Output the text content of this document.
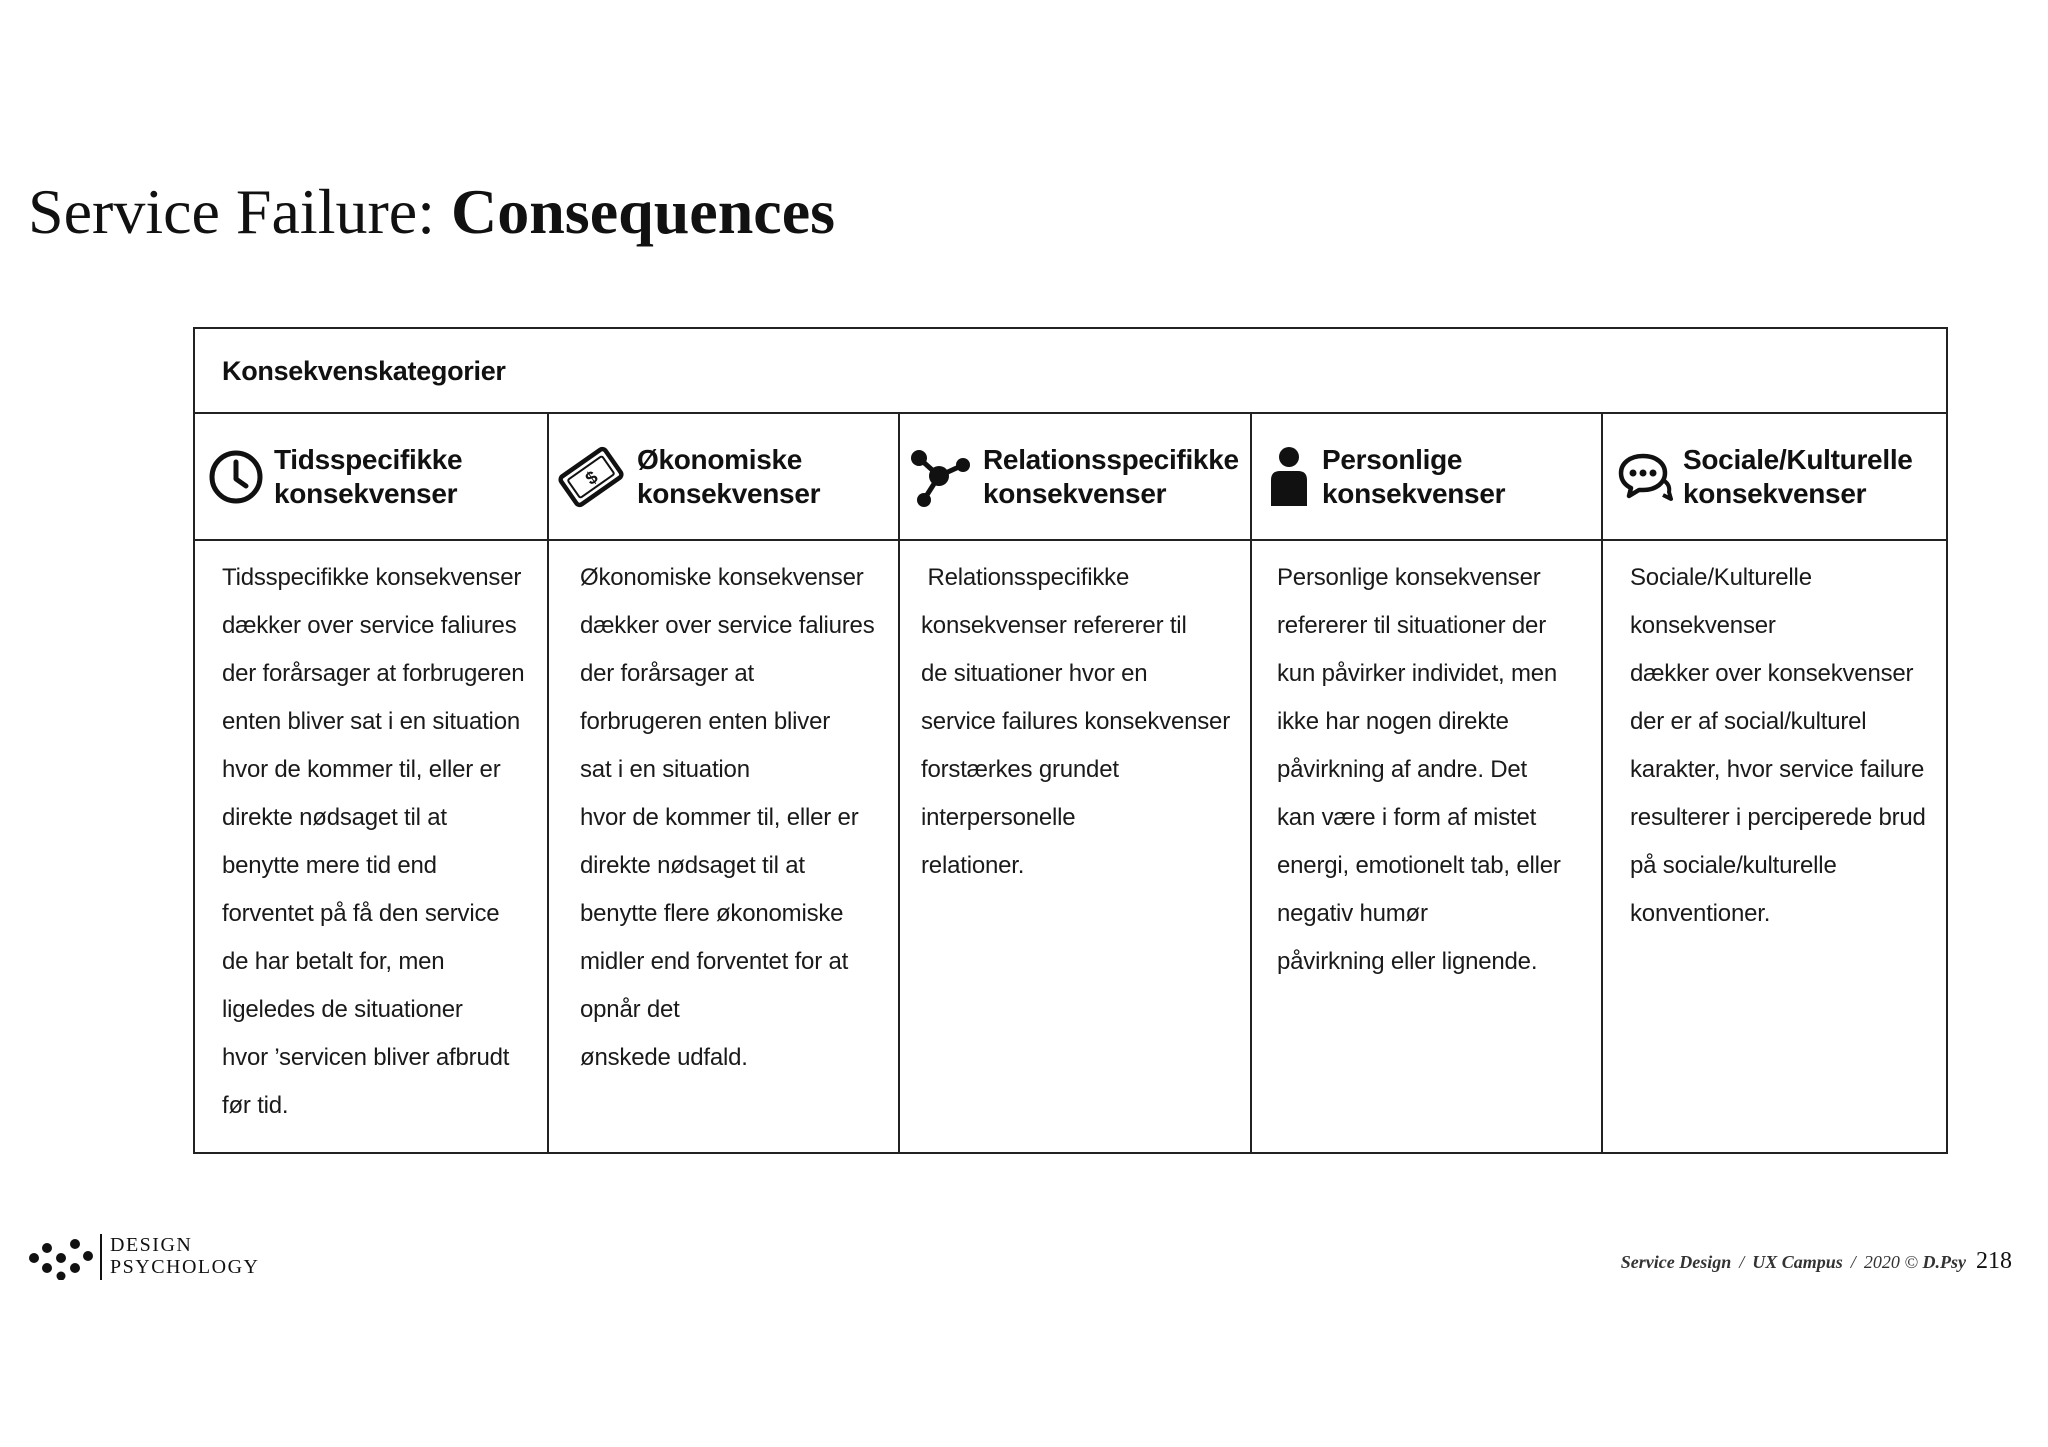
Service Failure: Consequences
Konsekvenskategorier
Tidsspecifikke
konsekvenser
Tidsspecifikke konsekvenser
dækker over service faliures
der forårsager at forbrugeren
enten bliver sat i en situation
hvor de kommer til, eller er
direkte nødsaget til at
benytte mere tid end
forventet på få den service
de har betalt for, men
ligeledes de situationer
hvor ’servicen bliver afbrudt
før tid.
$
Økonomiske
konsekvenser
Økonomiske konsekvenser
dækker over service faliures
der forårsager at
forbrugeren enten bliver
sat i en situation
hvor de kommer til, eller er
direkte nødsaget til at
benytte flere økonomiske
midler end forventet for at
opnår det
ønskede udfald.
Relationsspecifikke
konsekvenser
Relationsspecifikke
konsekvenser refererer til
de situationer hvor en
service failures konsekvenser
forstærkes grundet
interpersonelle
relationer.
Personlige
konsekvenser
Personlige konsekvenser
refererer til situationer der
kun påvirker individet, men
ikke har nogen direkte
påvirkning af andre. Det
kan være i form af mistet
energi, emotionelt tab, eller
negativ humør
påvirkning eller lignende.
Sociale/Kulturelle
konsekvenser
Sociale/Kulturelle
konsekvenser
dækker over konsekvenser
der er af social/kulturel
karakter, hvor service failure
resulterer i perciperede brud
på sociale/kulturelle
konventioner.
DESIGN
PSYCHOLOGY	Service Design / UX Campus / 2020 © D.Psy 218
